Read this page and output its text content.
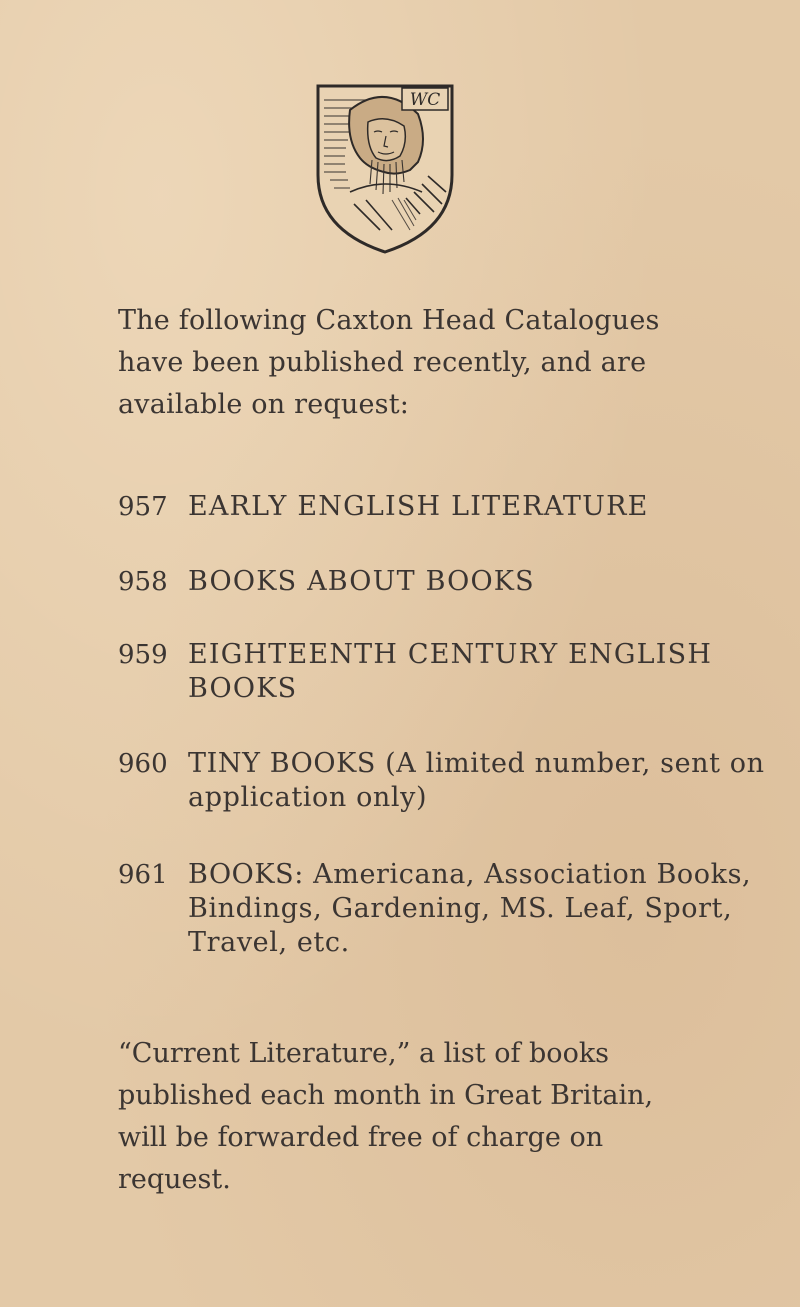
WC

The following Caxton Head Catalogues have been published recently, and are available on request:

957 EARLY ENGLISH LITERATURE
958 BOOKS ABOUT BOOKS
959 EIGHTEENTH CENTURY ENGLISH BOOKS
960 TINY BOOKS (A limited number, sent on application only)
961 BOOKS: Americana, Association Books, Bindings, Gardening, MS. Leaf, Sport, Travel, etc.

“Current Literature,” a list of books published each month in Great Britain, will be forwarded free of charge on request.
